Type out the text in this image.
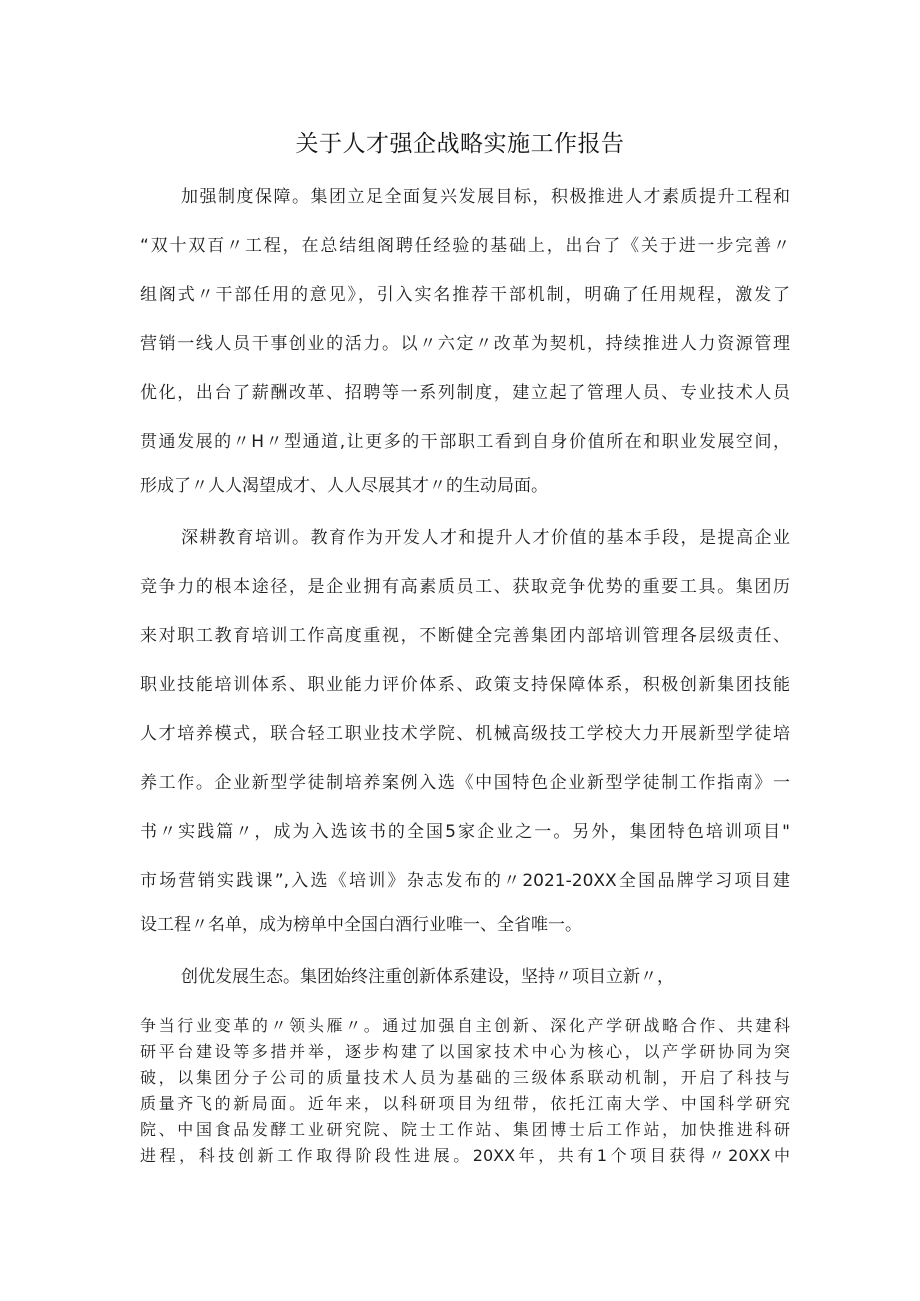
关于人才强企战略实施工作报告
加强制度保障。集团立足全面复兴发展目标，积极推进人才素质提升工程和
“双十双百〃工程，在总结组阁聘任经验的基础上，出台了《关于进一步完善〃
组阁式〃干部任用的意见》，引入实名推荐干部机制，明确了任用规程，激发了
营销一线人员干事创业的活力。以〃六定〃改革为契机，持续推进人力资源管理
优化，出台了薪酬改革、招聘等一系列制度，建立起了管理人员、专业技术人员
贯通发展的〃H〃型通道,让更多的干部职工看到自身价值所在和职业发展空间，
形成了〃人人渴望成才、人人尽展其才〃的生动局面。
深耕教育培训。教育作为开发人才和提升人才价值的基本手段，是提高企业
竞争力的根本途径，是企业拥有高素质员工、获取竞争优势的重要工具。集团历
来对职工教育培训工作高度重视，不断健全完善集团内部培训管理各层级责任、
职业技能培训体系、职业能力评价体系、政策支持保障体系，积极创新集团技能
人才培养模式，联合轻工职业技术学院、机械高级技工学校大力开展新型学徒培
养工作。企业新型学徒制培养案例入选《中国特色企业新型学徒制工作指南》一
书〃实践篇〃，成为入选该书的全国5家企业之一。另外，集团特色培训项目"
市场营销实践课”,入选《培训》杂志发布的〃2021-20XX全国品牌学习项目建
设工程〃名单，成为榜单中全国白酒行业唯一、全省唯一。
创优发展生态。集团始终注重创新体系建设，坚持〃项目立新〃，
争当行业变革的〃领头雁〃。通过加强自主创新、深化产学研战略合作、共建科
研平台建设等多措并举，逐步构建了以国家技术中心为核心，以产学研协同为突
破，以集团分子公司的质量技术人员为基础的三级体系联动机制，开启了科技与
质量齐飞的新局面。近年来，以科研项目为纽带，依托江南大学、中国科学研究
院、中国食品发酵工业研究院、院士工作站、集团博士后工作站，加快推进科研
进程，科技创新工作取得阶段性进展。20XX年，共有1个项目获得〃20XX中
